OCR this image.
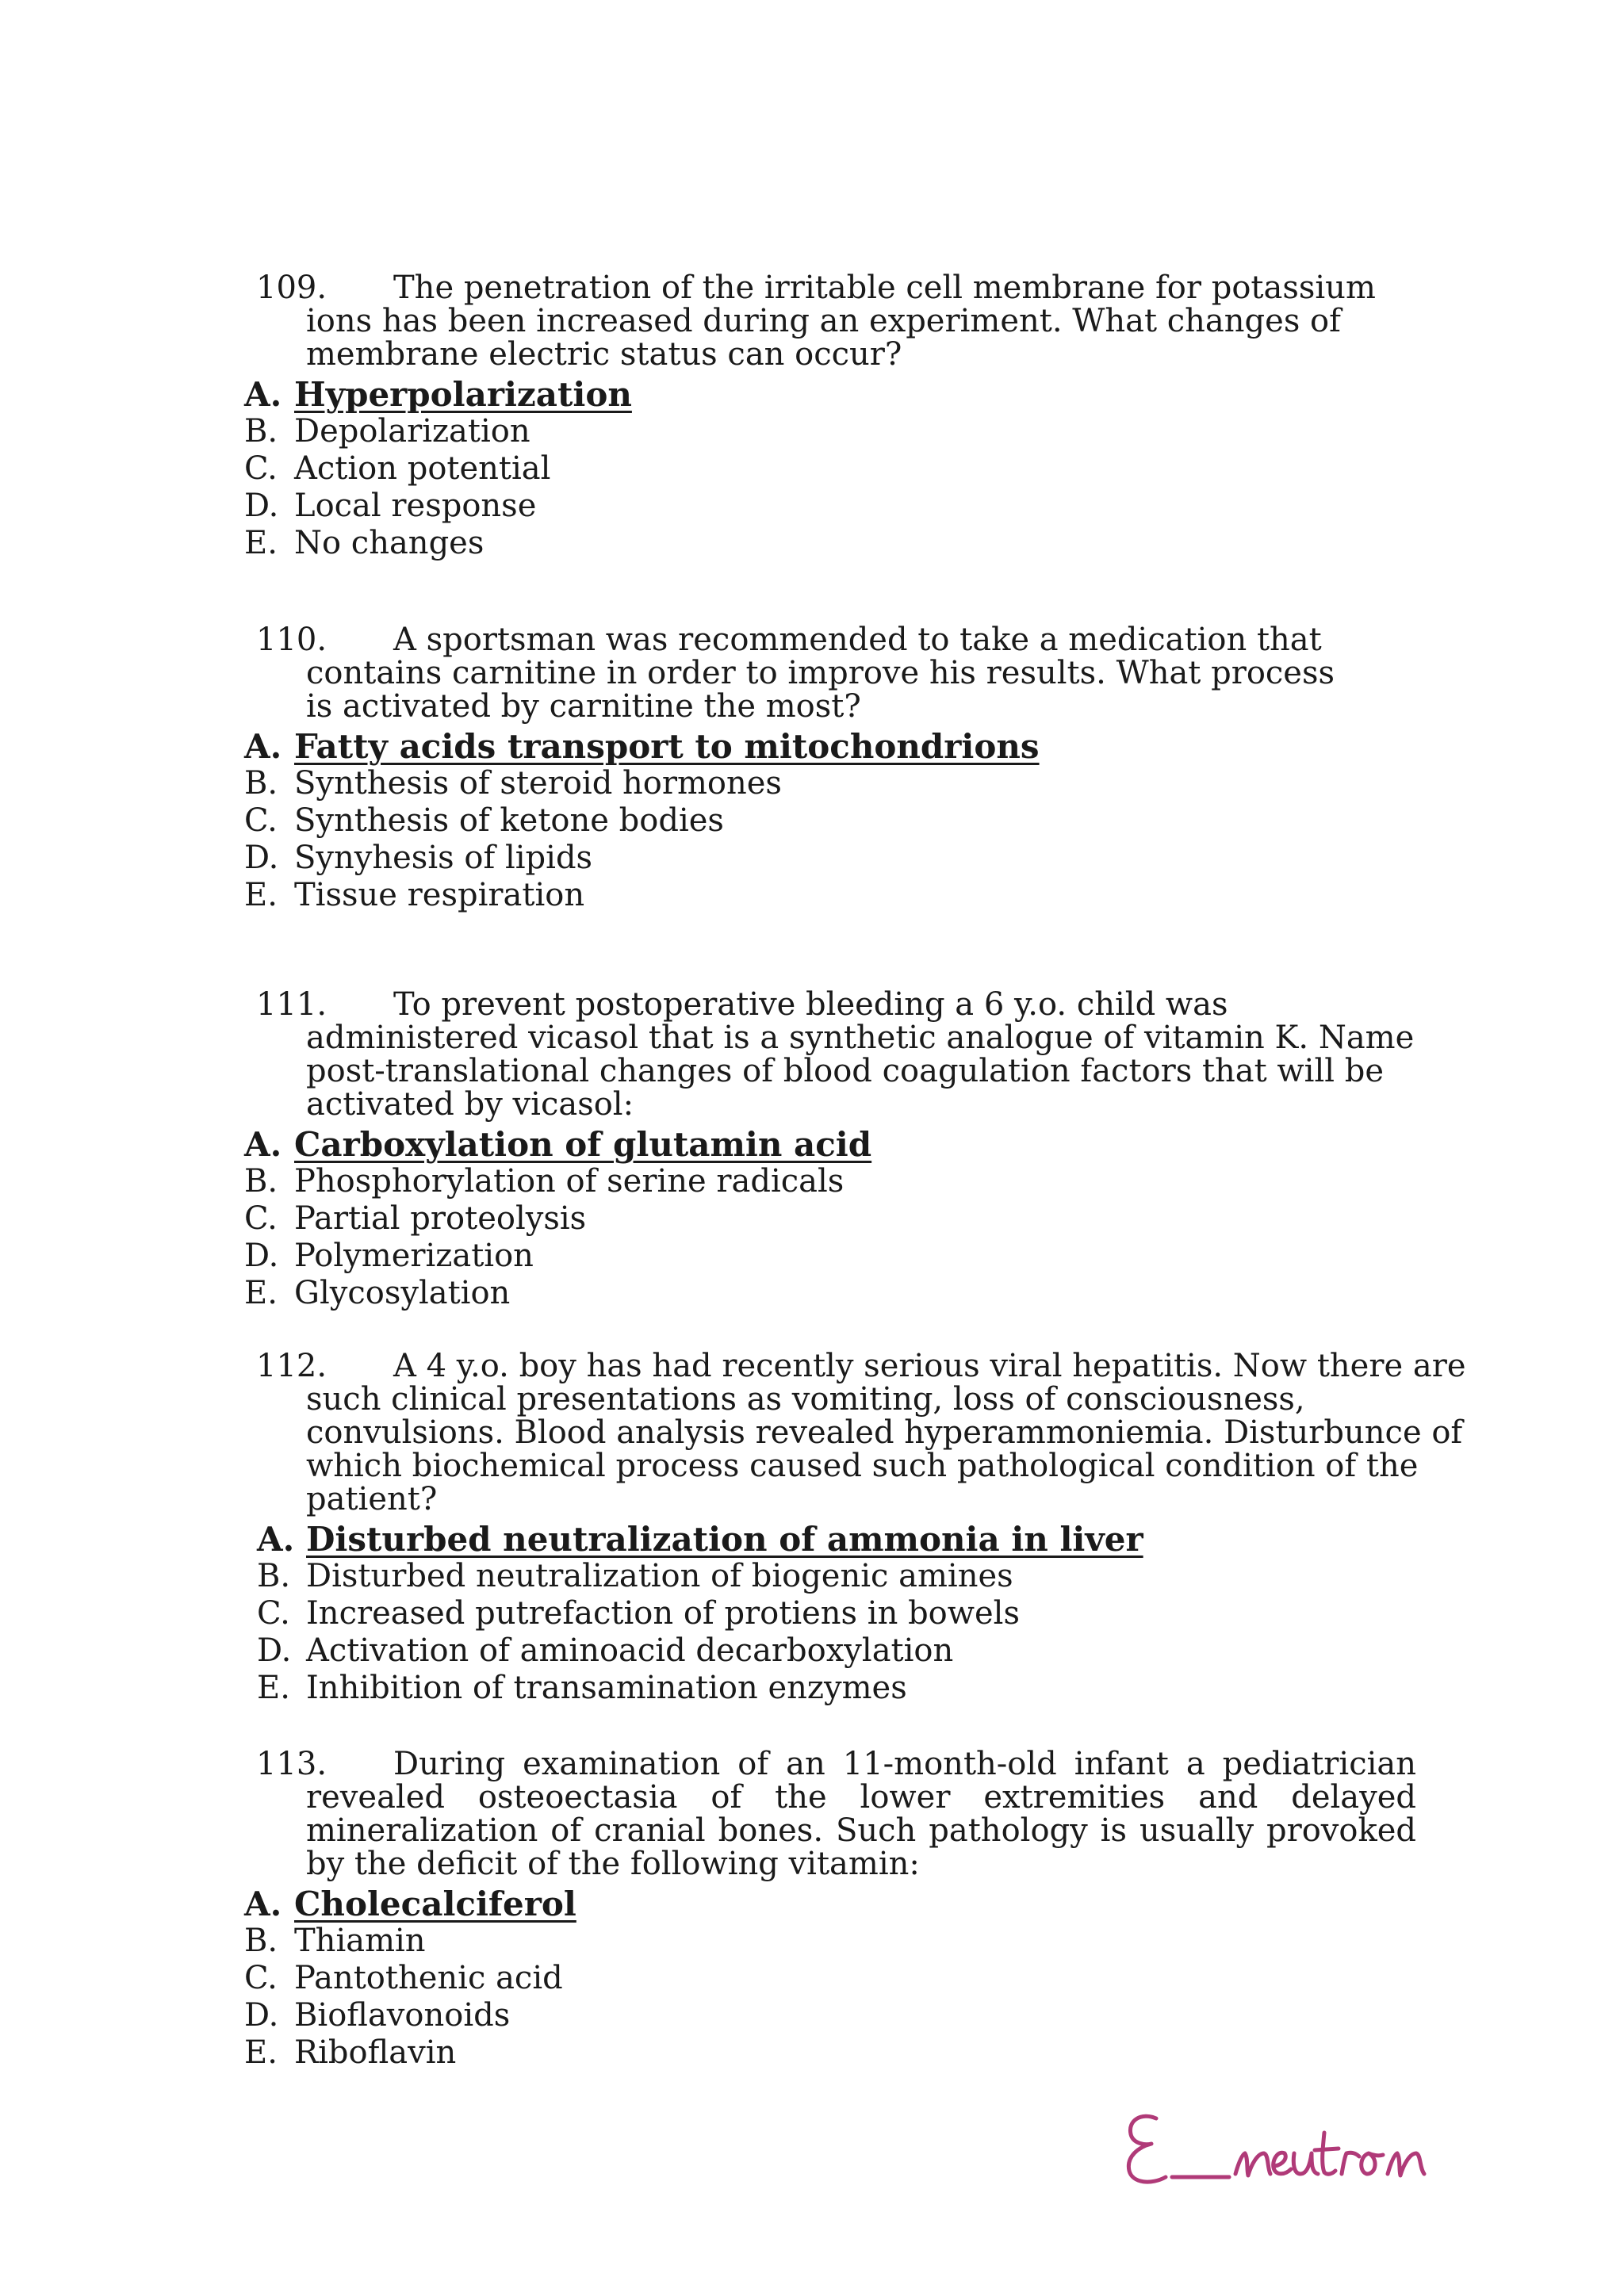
109. The penetration of the irritable cell membrane for potassium ions has been increased during an experiment. What changes of membrane electric status can occur?

A. Hyperpolarization
B. Depolarization
C. Action potential
D. Local response
E. No changes

110. A sportsman was recommended to take a medication that contains carnitine in order to improve his results. What process is activated by carnitine the most?

A. Fatty acids transport to mitochondrions
B. Synthesis of steroid hormones
C. Synthesis of ketone bodies
D. Synyhesis of lipids
E. Tissue respiration

111. To prevent postoperative bleeding a 6 y.o. child was administered vicasol that is a synthetic analogue of vitamin K. Name post-translational changes of blood coagulation factors that will be activated by vicasol:

A. Carboxylation of glutamin acid
B. Phosphorylation of serine radicals
C. Partial proteolysis
D. Polymerization
E. Glycosylation

112. A 4 y.o. boy has had recently serious viral hepatitis. Now there are such clinical presentations as vomiting, loss of consciousness, convulsions. Blood analysis revealed hyperammoniemia. Disturbunce of which biochemical process caused such pathological condition of the patient?

A. Disturbed neutralization of ammonia in liver
B. Disturbed neutralization of biogenic amines
C. Increased putrefaction of protiens in bowels
D. Activation of aminoacid decarboxylation
E. Inhibition of transamination enzymes

113. During examination of an 11-month-old infant a pediatrician revealed osteoectasia of the lower extremities and delayed mineralization of cranial bones. Such pathology is usually provoked by the deficit of the following vitamin:

A. Cholecalciferol
B. Thiamin
C. Pantothenic acid
D. Bioflavonoids
E. Riboflavin
